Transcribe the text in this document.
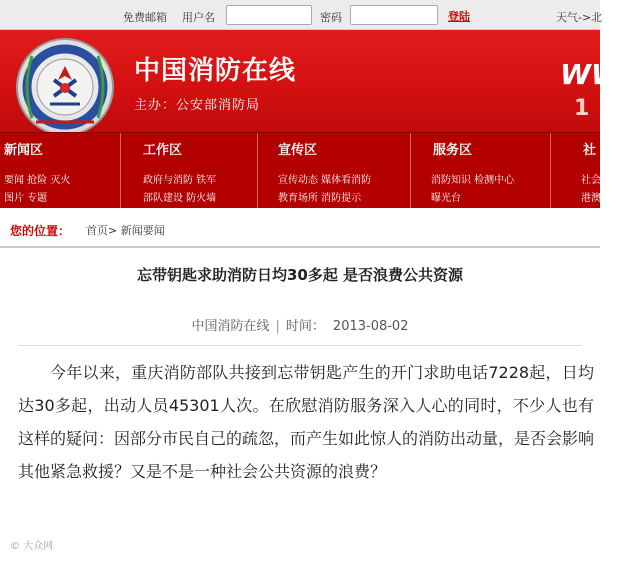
免费邮箱 用户名	密码	登陆	天气->北
中国消防在线
主办：公安部消防局
WW
1
新闻区
要闻 抢险 灭火
图片 专题
工作区
政府与消防 铁军
部队建设 防火墙
宣传区
宣传动态 媒体看消防
教育场所 消防提示
服务区
消防知识 检测中心
曝光台
社
社会
港澳
您的位置： 首页> 新闻要闻
忘带钥匙求助消防日均30多起 是否浪费公共资源
中国消防在线 | 时间： 2013-08-02
今年以来，重庆消防部队共接到忘带钥匙产生的开门求助电话7228起，日均达30多起，出动人员45301人次。在欣慰消防服务深入人心的同时，不少人也有这样的疑问：因部分市民自己的疏忽，而产生如此惊人的消防出动量，是否会影响其他紧急救援？又是不是一种社会公共资源的浪费？
© 大众网
